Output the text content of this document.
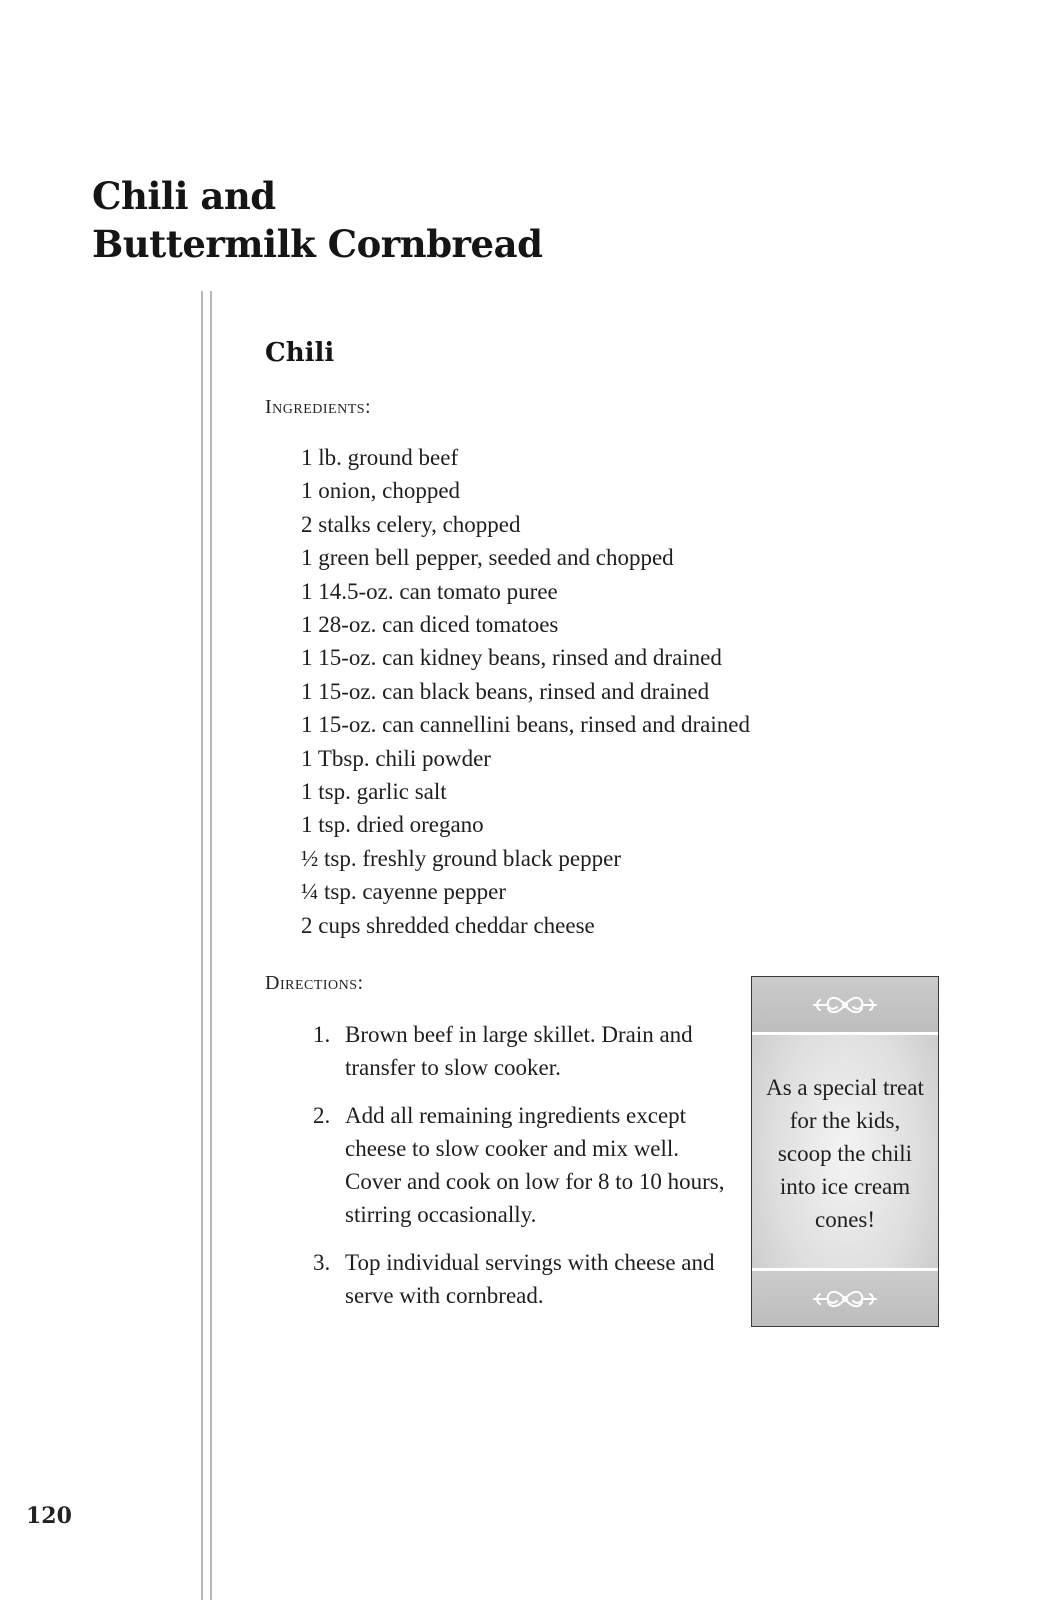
Chili and
Buttermilk Cornbread
Chili

Ingredients:

1 lb. ground beef
1 onion, chopped
2 stalks celery, chopped
1 green bell pepper, seeded and chopped
1 14.5-oz. can tomato puree
1 28-oz. can diced tomatoes
1 15-oz. can kidney beans, rinsed and drained
1 15-oz. can black beans, rinsed and drained
1 15-oz. can cannellini beans, rinsed and drained
1 Tbsp. chili powder
1 tsp. garlic salt
1 tsp. dried oregano
½ tsp. freshly ground black pepper
¼ tsp. cayenne pepper
2 cups shredded cheddar cheese

Directions:

1. Brown beef in large skillet. Drain and transfer to slow cooker.
2. Add all remaining ingredients except cheese to slow cooker and mix well. Cover and cook on low for 8 to 10 hours, stirring occasionally.
3. Top individual servings with cheese and serve with cornbread.

As a special treat for the kids, scoop the chili into ice cream cones!

120
